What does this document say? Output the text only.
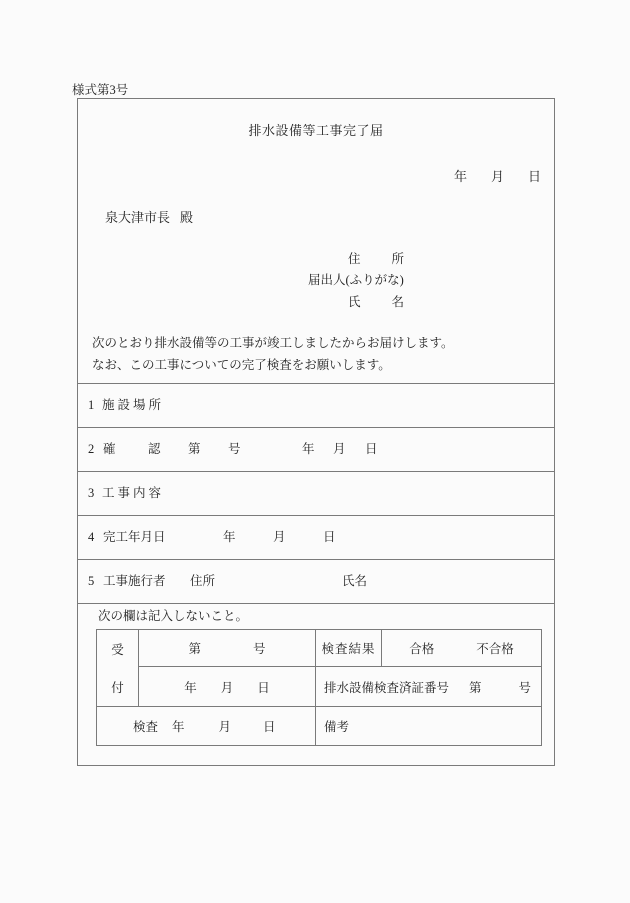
様式第3号
排水設備等工事完了届
年 月 日
泉大津市長 殿
住 所
届出人(ふりがな)
氏 名
次のとおり排水設備等の工事が竣工しましたからお届けします。
なお、この工事についての完了検査をお願いします。
1 施設場所
2 確	認 第 号	年 月 日
3 工事内容
4 完工年月日	年	月	日
5 工事施行者 住所	氏名
次の欄は記入しないこと。
受
付	第 号	検査結果	合格 不合格

	年 月 日	排水設備検査済証番号 第 号	

検査 年 月 日		備考	
